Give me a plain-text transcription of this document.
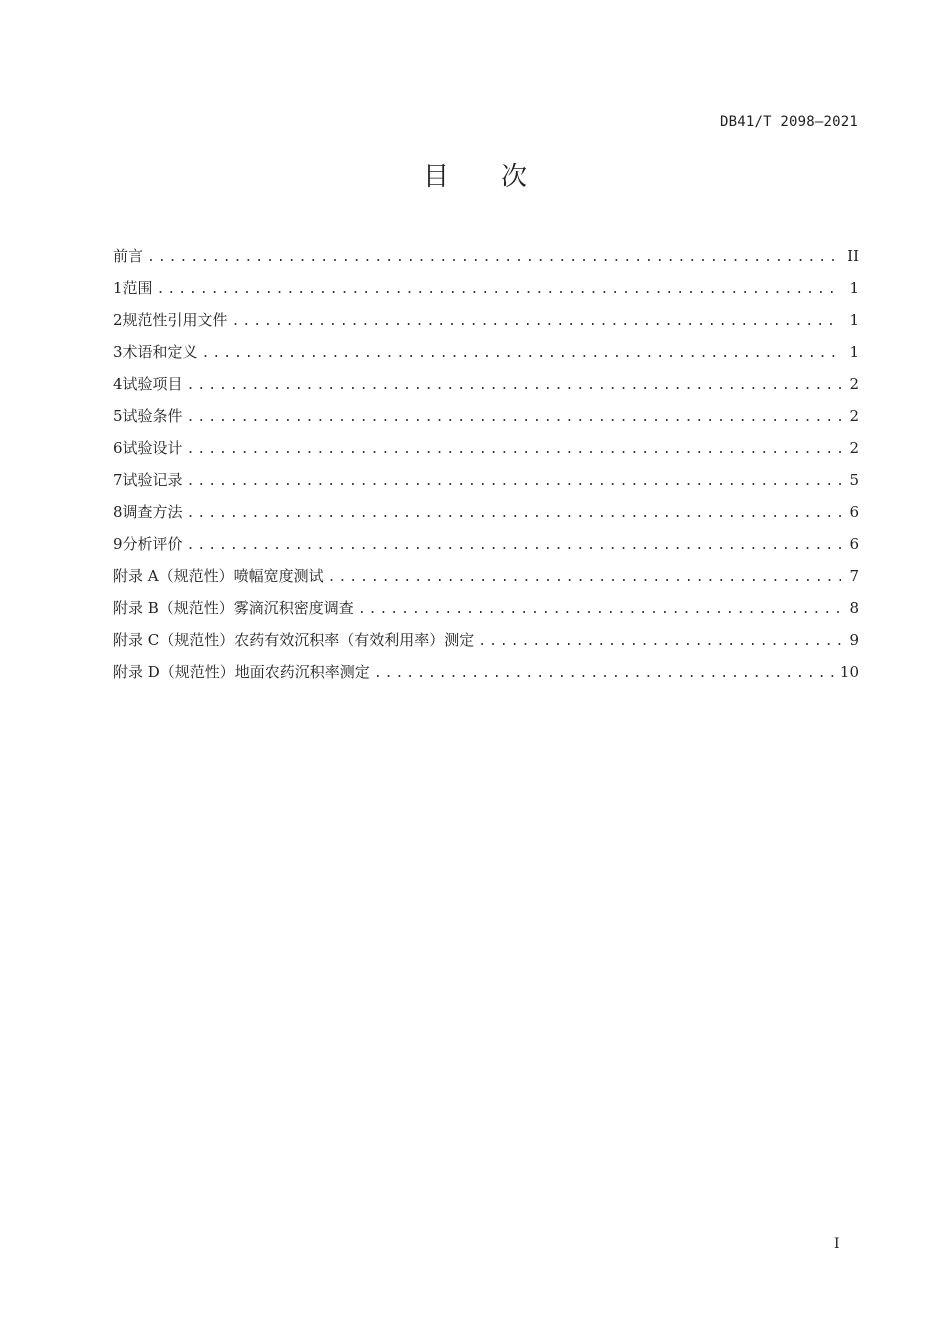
DB41/T 2098—2021
目 次
前言 .....	II
1 范围 .....	1
2 规范性引用文件 .....	1
3 术语和定义 .....	1
4 试验项目 .....	2
5 试验条件 .....	2
6 试验设计 .....	2
7 试验记录 .....	5
8 调查方法 .....	6
9 分析评价 .....	6
附录 A（规范性） 喷幅宽度测试 .....	7
附录 B（规范性） 雾滴沉积密度调查 .....	8
附录 C（规范性） 农药有效沉积率（有效利用率）测定 .....	9
附录 D（规范性） 地面农药沉积率测定 .....	10
I
